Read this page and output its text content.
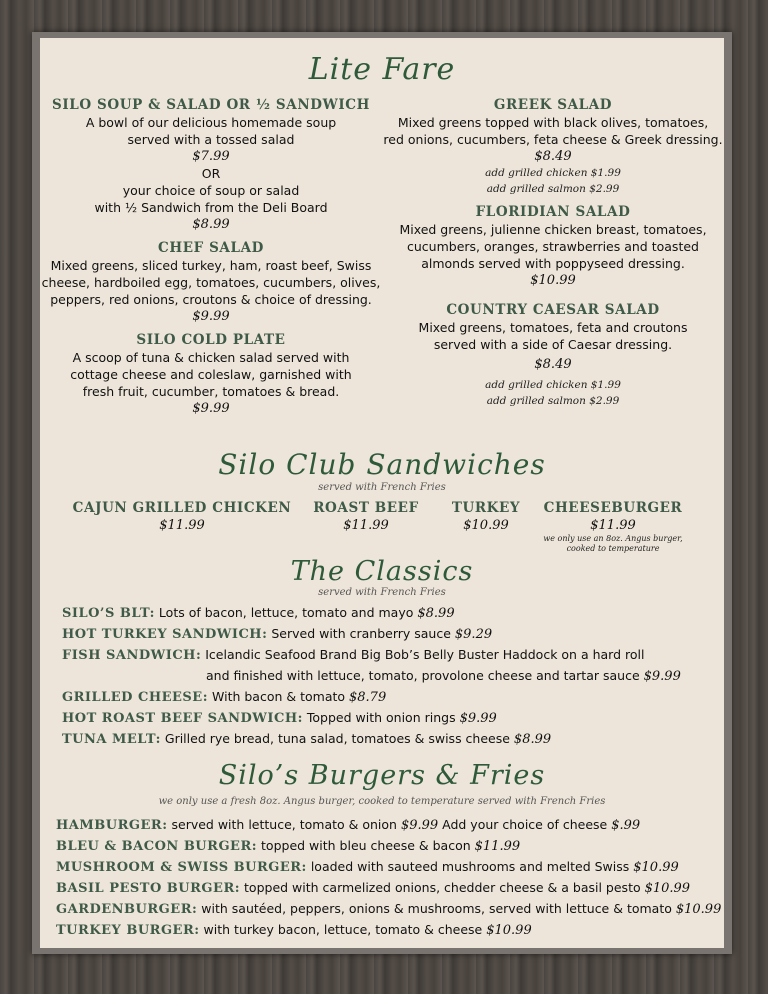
Lite Fare
SILO SOUP & SALAD OR ½ SANDWICH
A bowl of our delicious homemade soup
served with a tossed salad
$7.99
OR
your choice of soup or salad
with ½ Sandwich from the Deli Board
$8.99
CHEF SALAD
Mixed greens, sliced turkey, ham, roast beef, Swiss
cheese, hardboiled egg, tomatoes, cucumbers, olives,
peppers, red onions, croutons & choice of dressing.
$9.99
SILO COLD PLATE
A scoop of tuna & chicken salad served with
cottage cheese and coleslaw, garnished with
fresh fruit, cucumber, tomatoes & bread.
$9.99
GREEK SALAD
Mixed greens topped with black olives, tomatoes,
red onions, cucumbers, feta cheese & Greek dressing.
$8.49
add grilled chicken $1.99
add grilled salmon $2.99
FLORIDIAN SALAD
Mixed greens, julienne chicken breast, tomatoes,
cucumbers, oranges, strawberries and toasted
almonds served with poppyseed dressing.
$10.99
COUNTRY CAESAR SALAD
Mixed greens, tomatoes, feta and croutons
served with a side of Caesar dressing.
$8.49
add grilled chicken $1.99
add grilled salmon $2.99
Silo Club Sandwiches
served with French Fries
CAJUN GRILLED CHICKEN
$11.99
ROAST BEEF
$11.99
TURKEY
$10.99
CHEESEBURGER
$11.99
we only use an 8oz. Angus burger,
cooked to temperature
The Classics
served with French Fries
SILO’S BLT: Lots of bacon, lettuce, tomato and mayo $8.99
HOT TURKEY SANDWICH: Served with cranberry sauce $9.29
FISH SANDWICH: Icelandic Seafood Brand Big Bob’s Belly Buster Haddock on a hard roll
and finished with lettuce, tomato, provolone cheese and tartar sauce $9.99
GRILLED CHEESE: With bacon & tomato $8.79
HOT ROAST BEEF SANDWICH: Topped with onion rings $9.99
TUNA MELT: Grilled rye bread, tuna salad, tomatoes & swiss cheese $8.99
Silo’s Burgers & Fries
we only use a fresh 8oz. Angus burger, cooked to temperature served with French Fries
HAMBURGER: served with lettuce, tomato & onion $9.99 Add your choice of cheese $.99
BLEU & BACON BURGER: topped with bleu cheese & bacon $11.99
MUSHROOM & SWISS BURGER: loaded with sauteed mushrooms and melted Swiss $10.99
BASIL PESTO BURGER: topped with carmelized onions, chedder cheese & a basil pesto $10.99
GARDENBURGER: with sautéed, peppers, onions & mushrooms, served with lettuce & tomato $10.99
TURKEY BURGER: with turkey bacon, lettuce, tomato & cheese $10.99
